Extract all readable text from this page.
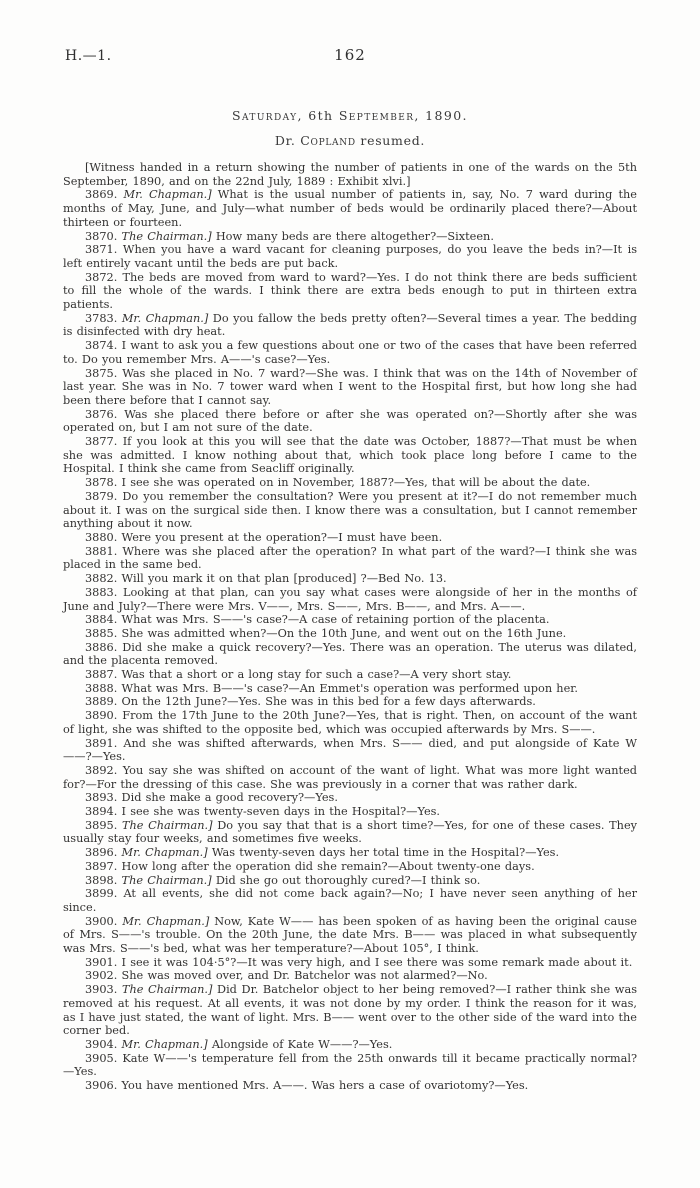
H.—1.	162
Saturday, 6th September, 1890.
Dr. Copland resumed.

[Witness handed in a return showing the number of patients in one of the wards on the 5th September, 1890, and on the 22nd July, 1889 : Exhibit xlvi.]

3869. Mr. Chapman.] What is the usual number of patients in, say, No. 7 ward during the months of May, June, and July—what number of beds would be ordinarily placed there?—About thirteen or fourteen.

3870. The Chairman.] How many beds are there altogether?—Sixteen.

3871. When you have a ward vacant for cleaning purposes, do you leave the beds in?—It is left entirely vacant until the beds are put back.

3872. The beds are moved from ward to ward?—Yes. I do not think there are beds sufficient to fill the whole of the wards. I think there are extra beds enough to put in thirteen extra patients.

3783. Mr. Chapman.] Do you fallow the beds pretty often?—Several times a year. The bedding is disinfected with dry heat.

3874. I want to ask you a few questions about one or two of the cases that have been referred to. Do you remember Mrs. A——'s case?—Yes.

3875. Was she placed in No. 7 ward?—She was. I think that was on the 14th of November of last year. She was in No. 7 tower ward when I went to the Hospital first, but how long she had been there before that I cannot say.

3876. Was she placed there before or after she was operated on?—Shortly after she was operated on, but I am not sure of the date.

3877. If you look at this you will see that the date was October, 1887?—That must be when she was admitted. I know nothing about that, which took place long before I came to the Hospital. I think she came from Seacliff originally.

3878. I see she was operated on in November, 1887?—Yes, that will be about the date.

3879. Do you remember the consultation? Were you present at it?—I do not remember much about it. I was on the surgical side then. I know there was a consultation, but I cannot remember anything about it now.

3880. Were you present at the operation?—I must have been.

3881. Where was she placed after the operation? In what part of the ward?—I think she was placed in the same bed.

3882. Will you mark it on that plan [produced] ?—Bed No. 13.

3883. Looking at that plan, can you say what cases were alongside of her in the months of June and July?—There were Mrs. V——, Mrs. S——, Mrs. B——, and Mrs. A——.

3884. What was Mrs. S——'s case?—A case of retaining portion of the placenta.

3885. She was admitted when?—On the 10th June, and went out on the 16th June.

3886. Did she make a quick recovery?—Yes. There was an operation. The uterus was dilated, and the placenta removed.

3887. Was that a short or a long stay for such a case?—A very short stay.

3888. What was Mrs. B——'s case?—An Emmet's operation was performed upon her.

3889. On the 12th June?—Yes. She was in this bed for a few days afterwards.

3890. From the 17th June to the 20th June?—Yes, that is right. Then, on account of the want of light, she was shifted to the opposite bed, which was occupied afterwards by Mrs. S——.

3891. And she was shifted afterwards, when Mrs. S—— died, and put alongside of Kate W——?—Yes.

3892. You say she was shifted on account of the want of light. What was more light wanted for?—For the dressing of this case. She was previously in a corner that was rather dark.

3893. Did she make a good recovery?—Yes.

3894. I see she was twenty-seven days in the Hospital?—Yes.

3895. The Chairman.] Do you say that that is a short time?—Yes, for one of these cases. They usually stay four weeks, and sometimes five weeks.

3896. Mr. Chapman.] Was twenty-seven days her total time in the Hospital?—Yes.

3897. How long after the operation did she remain?—About twenty-one days.

3898. The Chairman.] Did she go out thoroughly cured?—I think so.

3899. At all events, she did not come back again?—No; I have never seen anything of her since.

3900. Mr. Chapman.] Now, Kate W—— has been spoken of as having been the original cause of Mrs. S——'s trouble. On the 20th June, the date Mrs. B—— was placed in what subsequently was Mrs. S——'s bed, what was her temperature?—About 105°, I think.

3901. I see it was 104·5°?—It was very high, and I see there was some remark made about it.

3902. She was moved over, and Dr. Batchelor was not alarmed?—No.

3903. The Chairman.] Did Dr. Batchelor object to her being removed?—I rather think she was removed at his request. At all events, it was not done by my order. I think the reason for it was, as I have just stated, the want of light. Mrs. B—— went over to the other side of the ward into the corner bed.

3904. Mr. Chapman.] Alongside of Kate W——?—Yes.

3905. Kate W——'s temperature fell from the 25th onwards till it became practically normal?—Yes.

3906. You have mentioned Mrs. A——. Was hers a case of ovariotomy?—Yes.
